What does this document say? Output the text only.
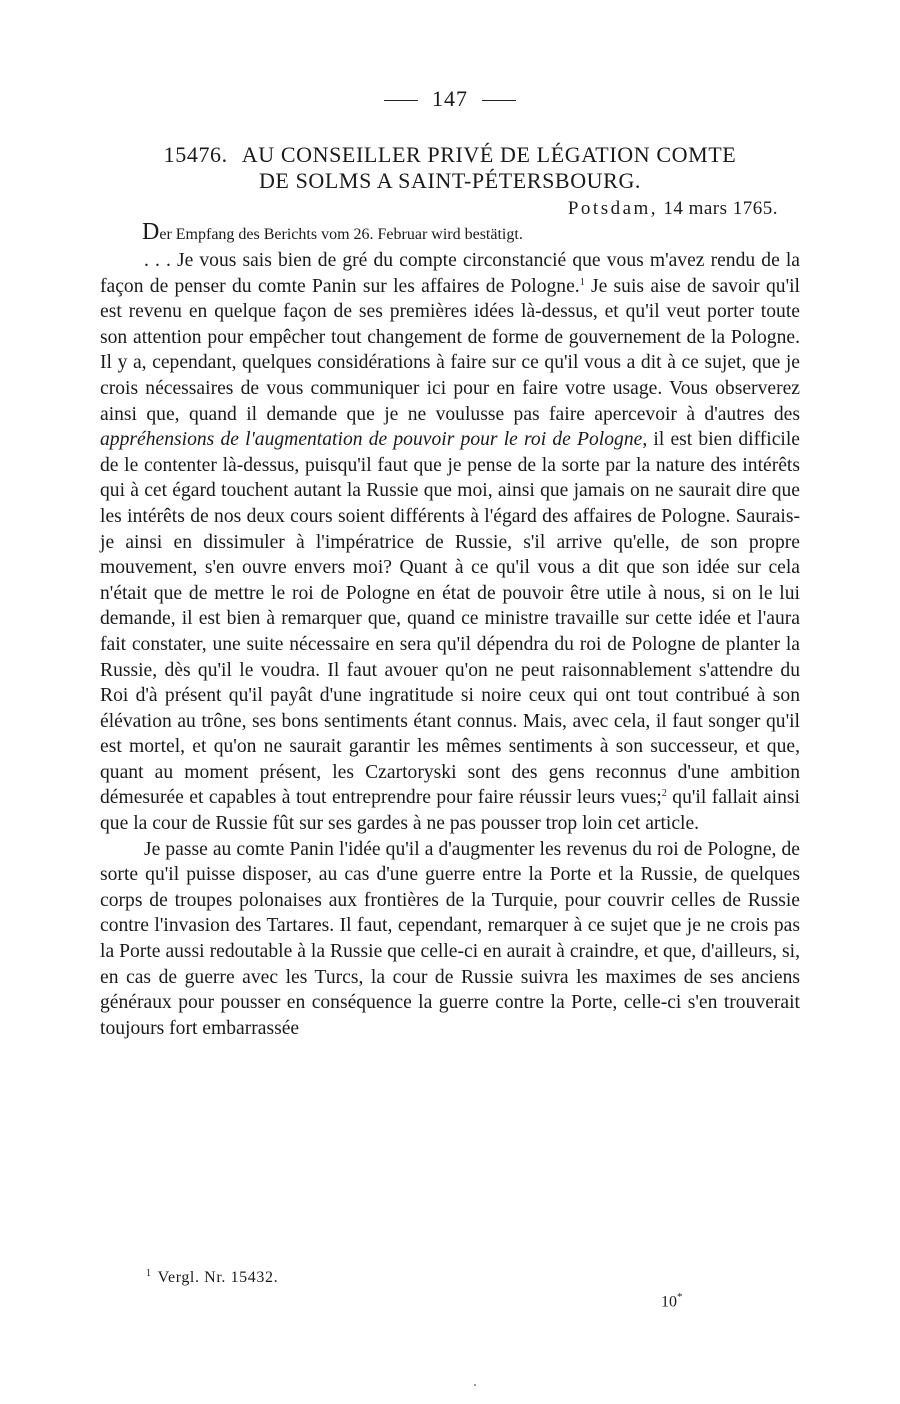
147
15476. AU CONSEILLER PRIVÉ DE LÉGATION COMTE
DE SOLMS A SAINT-PÉTERSBOURG.
Potsdam, 14 mars 1765.
Der Empfang des Berichts vom 26. Februar wird bestätigt.

. . . Je vous sais bien de gré du compte circonstancié que vous m'avez rendu de la façon de penser du comte Panin sur les affaires de Pologne.$^1$ Je suis aise de savoir qu'il est revenu en quelque façon de ses premières idées là-dessus, et qu'il veut porter toute son attention pour empêcher tout changement de forme de gouvernement de la Pologne. Il y a, cependant, quelques considérations à faire sur ce qu'il vous a dit à ce sujet, que je crois nécessaires de vous communiquer ici pour en faire votre usage. Vous observerez ainsi que, quand il demande que je ne voulusse pas faire apercevoir à d'autres des appréhensions de l'augmentation de pouvoir pour le roi de Pologne, il est bien difficile de le contenter là-dessus, puisqu'il faut que je pense de la sorte par la nature des intérêts qui à cet égard touchent autant la Russie que moi, ainsi que jamais on ne saurait dire que les intérêts de nos deux cours soient différents à l'égard des affaires de Pologne. Saurais-je ainsi en dissimuler à l'impératrice de Russie, s'il arrive qu'elle, de son propre mouvement, s'en ouvre envers moi? Quant à ce qu'il vous a dit que son idée sur cela n'était que de mettre le roi de Pologne en état de pouvoir être utile à nous, si on le lui demande, il est bien à remarquer que, quand ce ministre travaille sur cette idée et l'aura fait constater, une suite nécessaire en sera qu'il dépendra du roi de Pologne de planter la Russie, dès qu'il le voudra. Il faut avouer qu'on ne peut raisonnablement s'attendre du Roi d'à présent qu'il payât d'une ingratitude si noire ceux qui ont tout contribué à son élévation au trône, ses bons sentiments étant connus. Mais, avec cela, il faut songer qu'il est mortel, et qu'on ne saurait garantir les mêmes sentiments à son successeur, et que, quant au moment présent, les Czartoryski sont des gens reconnus d'une ambition démesurée et capables à tout entreprendre pour faire réussir leurs vues;$^2$ qu'il fallait ainsi que la cour de Russie fût sur ses gardes à ne pas pousser trop loin cet article.

Je passe au comte Panin l'idée qu'il a d'augmenter les revenus du roi de Pologne, de sorte qu'il puisse disposer, au cas d'une guerre entre la Porte et la Russie, de quelques corps de troupes polonaises aux frontières de la Turquie, pour couvrir celles de Russie contre l'invasion des Tartares. Il faut, cependant, remarquer à ce sujet que je ne crois pas la Porte aussi redoutable à la Russie que celle-ci en aurait à craindre, et que, d'ailleurs, si, en cas de guerre avec les Turcs, la cour de Russie suivra les maximes de ses anciens généraux pour pousser en conséquence la guerre contre la Porte, celle-ci s'en trouverait toujours fort embarrassée

$^1$ Vergl. Nr. 15432.
10*
